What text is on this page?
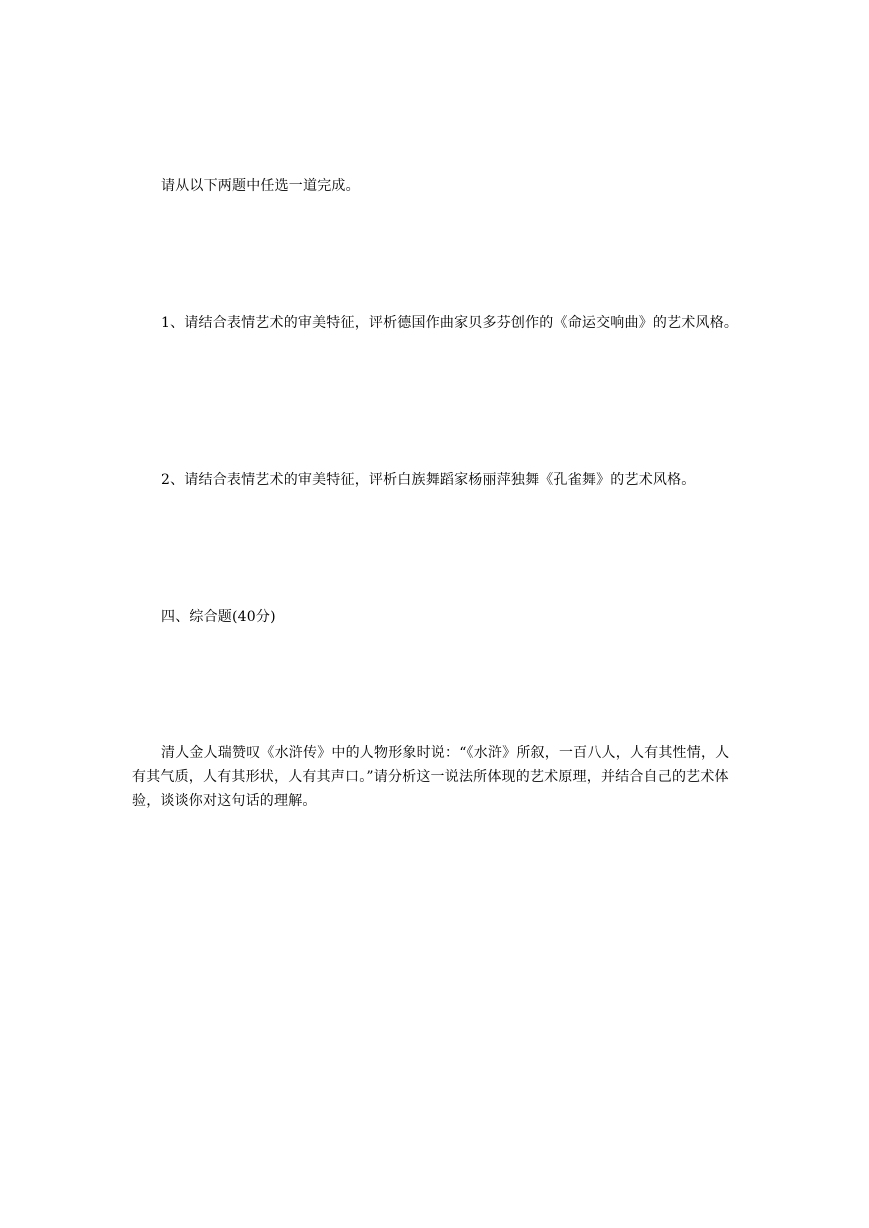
请从以下两题中任选一道完成。

1、请结合表情艺术的审美特征，评析德国作曲家贝多芬创作的《命运交响曲》的艺术风格。

2、请结合表情艺术的审美特征，评析白族舞蹈家杨丽萍独舞《孔雀舞》的艺术风格。

四、综合题(40分)

清人金人瑞赞叹《水浒传》中的人物形象时说：“《水浒》所叙，一百八人，人有其性情，人有其气质，人有其形状，人有其声口。”请分析这一说法所体现的艺术原理，并结合自己的艺术体验，谈谈你对这句话的理解。
